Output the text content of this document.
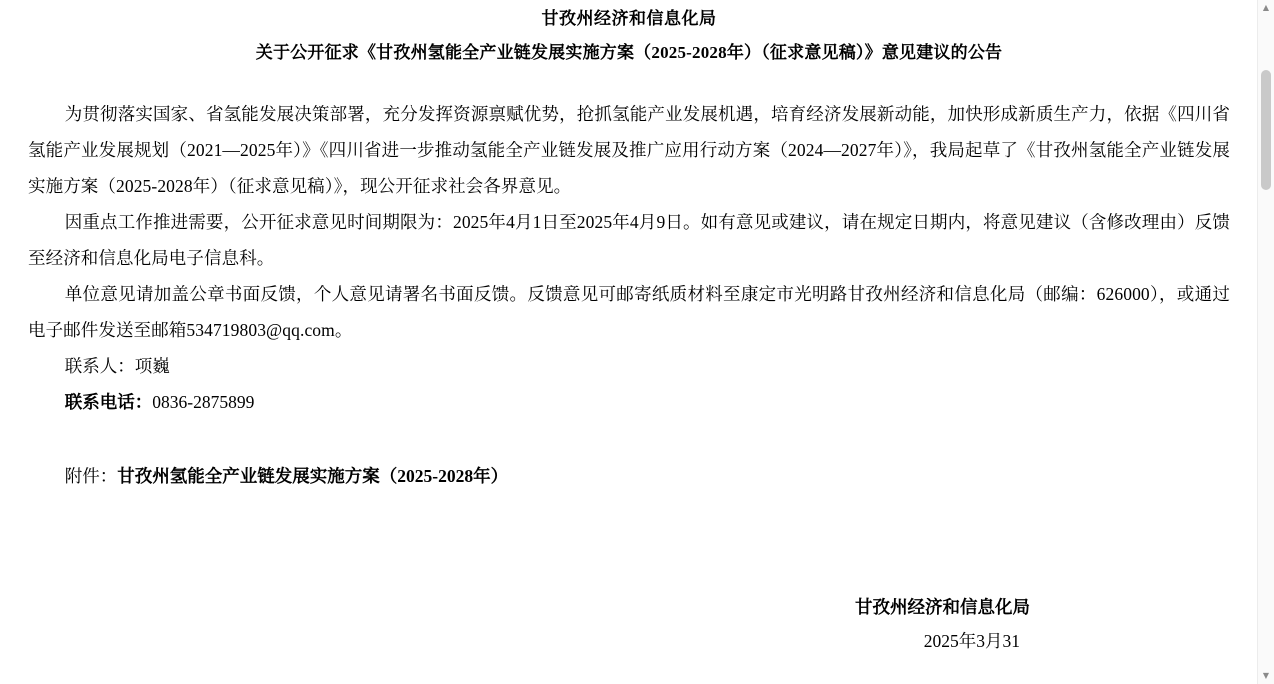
甘孜州经济和信息化局
关于公开征求《甘孜州氢能全产业链发展实施方案（2025-2028年）（征求意见稿）》意见建议的公告

为贯彻落实国家、省氢能发展决策部署，充分发挥资源禀赋优势，抢抓氢能产业发展机遇，培育经济发展新动能，加快形成新质生产力，依据《四川省氢能产业发展规划（2021—2025年）》《四川省进一步推动氢能全产业链发展及推广应用行动方案（2024—2027年）》，我局起草了《甘孜州氢能全产业链发展实施方案（2025-2028年）（征求意见稿）》，现公开征求社会各界意见。

因重点工作推进需要，公开征求意见时间期限为：2025年4月1日至2025年4月9日。如有意见或建议，请在规定日期内，将意见建议（含修改理由）反馈至经济和信息化局电子信息科。

单位意见请加盖公章书面反馈，个人意见请署名书面反馈。反馈意见可邮寄纸质材料至康定市光明路甘孜州经济和信息化局（邮编：626000），或通过电子邮件发送至邮箱534719803@qq.com。

联系人：项巍

联系电话：0836-2875899

附件：甘孜州氢能全产业链发展实施方案（2025-2028年）

甘孜州经济和信息化局
2025年3月31
▲
▼
